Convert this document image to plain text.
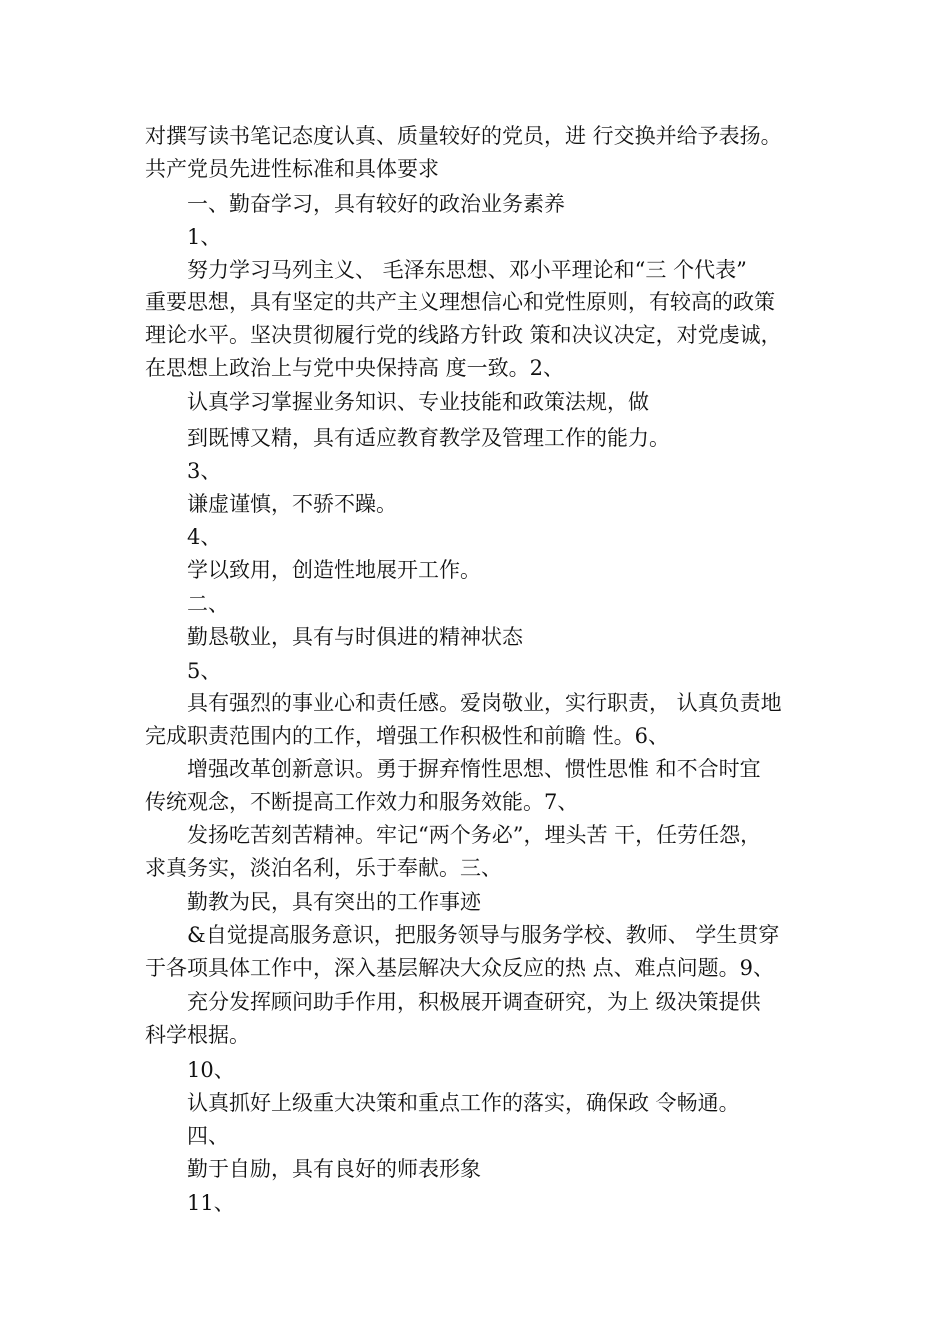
对撰写读书笔记态度认真、质量较好的党员，进 行交换并给予表扬。
共产党员先进性标准和具体要求
一、勤奋学习，具有较好的政治业务素养
1、
努力学习马列主义、 毛泽东思想、邓小平理论和“三 个代表”
重要思想，具有坚定的共产主义理想信心和党性原则，有较高的政策
理论水平。坚决贯彻履行党的线路方针政 策和决议决定，对党虔诚，
在思想上政治上与党中央保持高 度一致。2、
认真学习掌握业务知识、专业技能和政策法规，做
到既博又精，具有适应教育教学及管理工作的能力。
3、
谦虚谨慎，不骄不躁。
4、
学以致用，创造性地展开工作。
二、
勤恳敬业，具有与时俱进的精神状态
5、
具有强烈的事业心和责任感。爱岗敬业，实行职责， 认真负责地
完成职责范围内的工作，增强工作积极性和前瞻 性。6、
增强改革创新意识。勇于摒弃惰性思想、惯性思惟 和不合时宜
传统观念，不断提高工作效力和服务效能。7、
发扬吃苦刻苦精神。牢记“两个务必”，埋头苦 干，任劳任怨，
求真务实，淡泊名利，乐于奉献。三、
勤教为民，具有突出的工作事迹
&自觉提高服务意识，把服务领导与服务学校、教师、 学生贯穿
于各项具体工作中，深入基层解决大众反应的热 点、难点问题。9、
充分发挥顾问助手作用，积极展开调查研究，为上 级决策提供
科学根据。
10、
认真抓好上级重大决策和重点工作的落实，确保政 令畅通。
四、
勤于自励，具有良好的师表形象
11、
